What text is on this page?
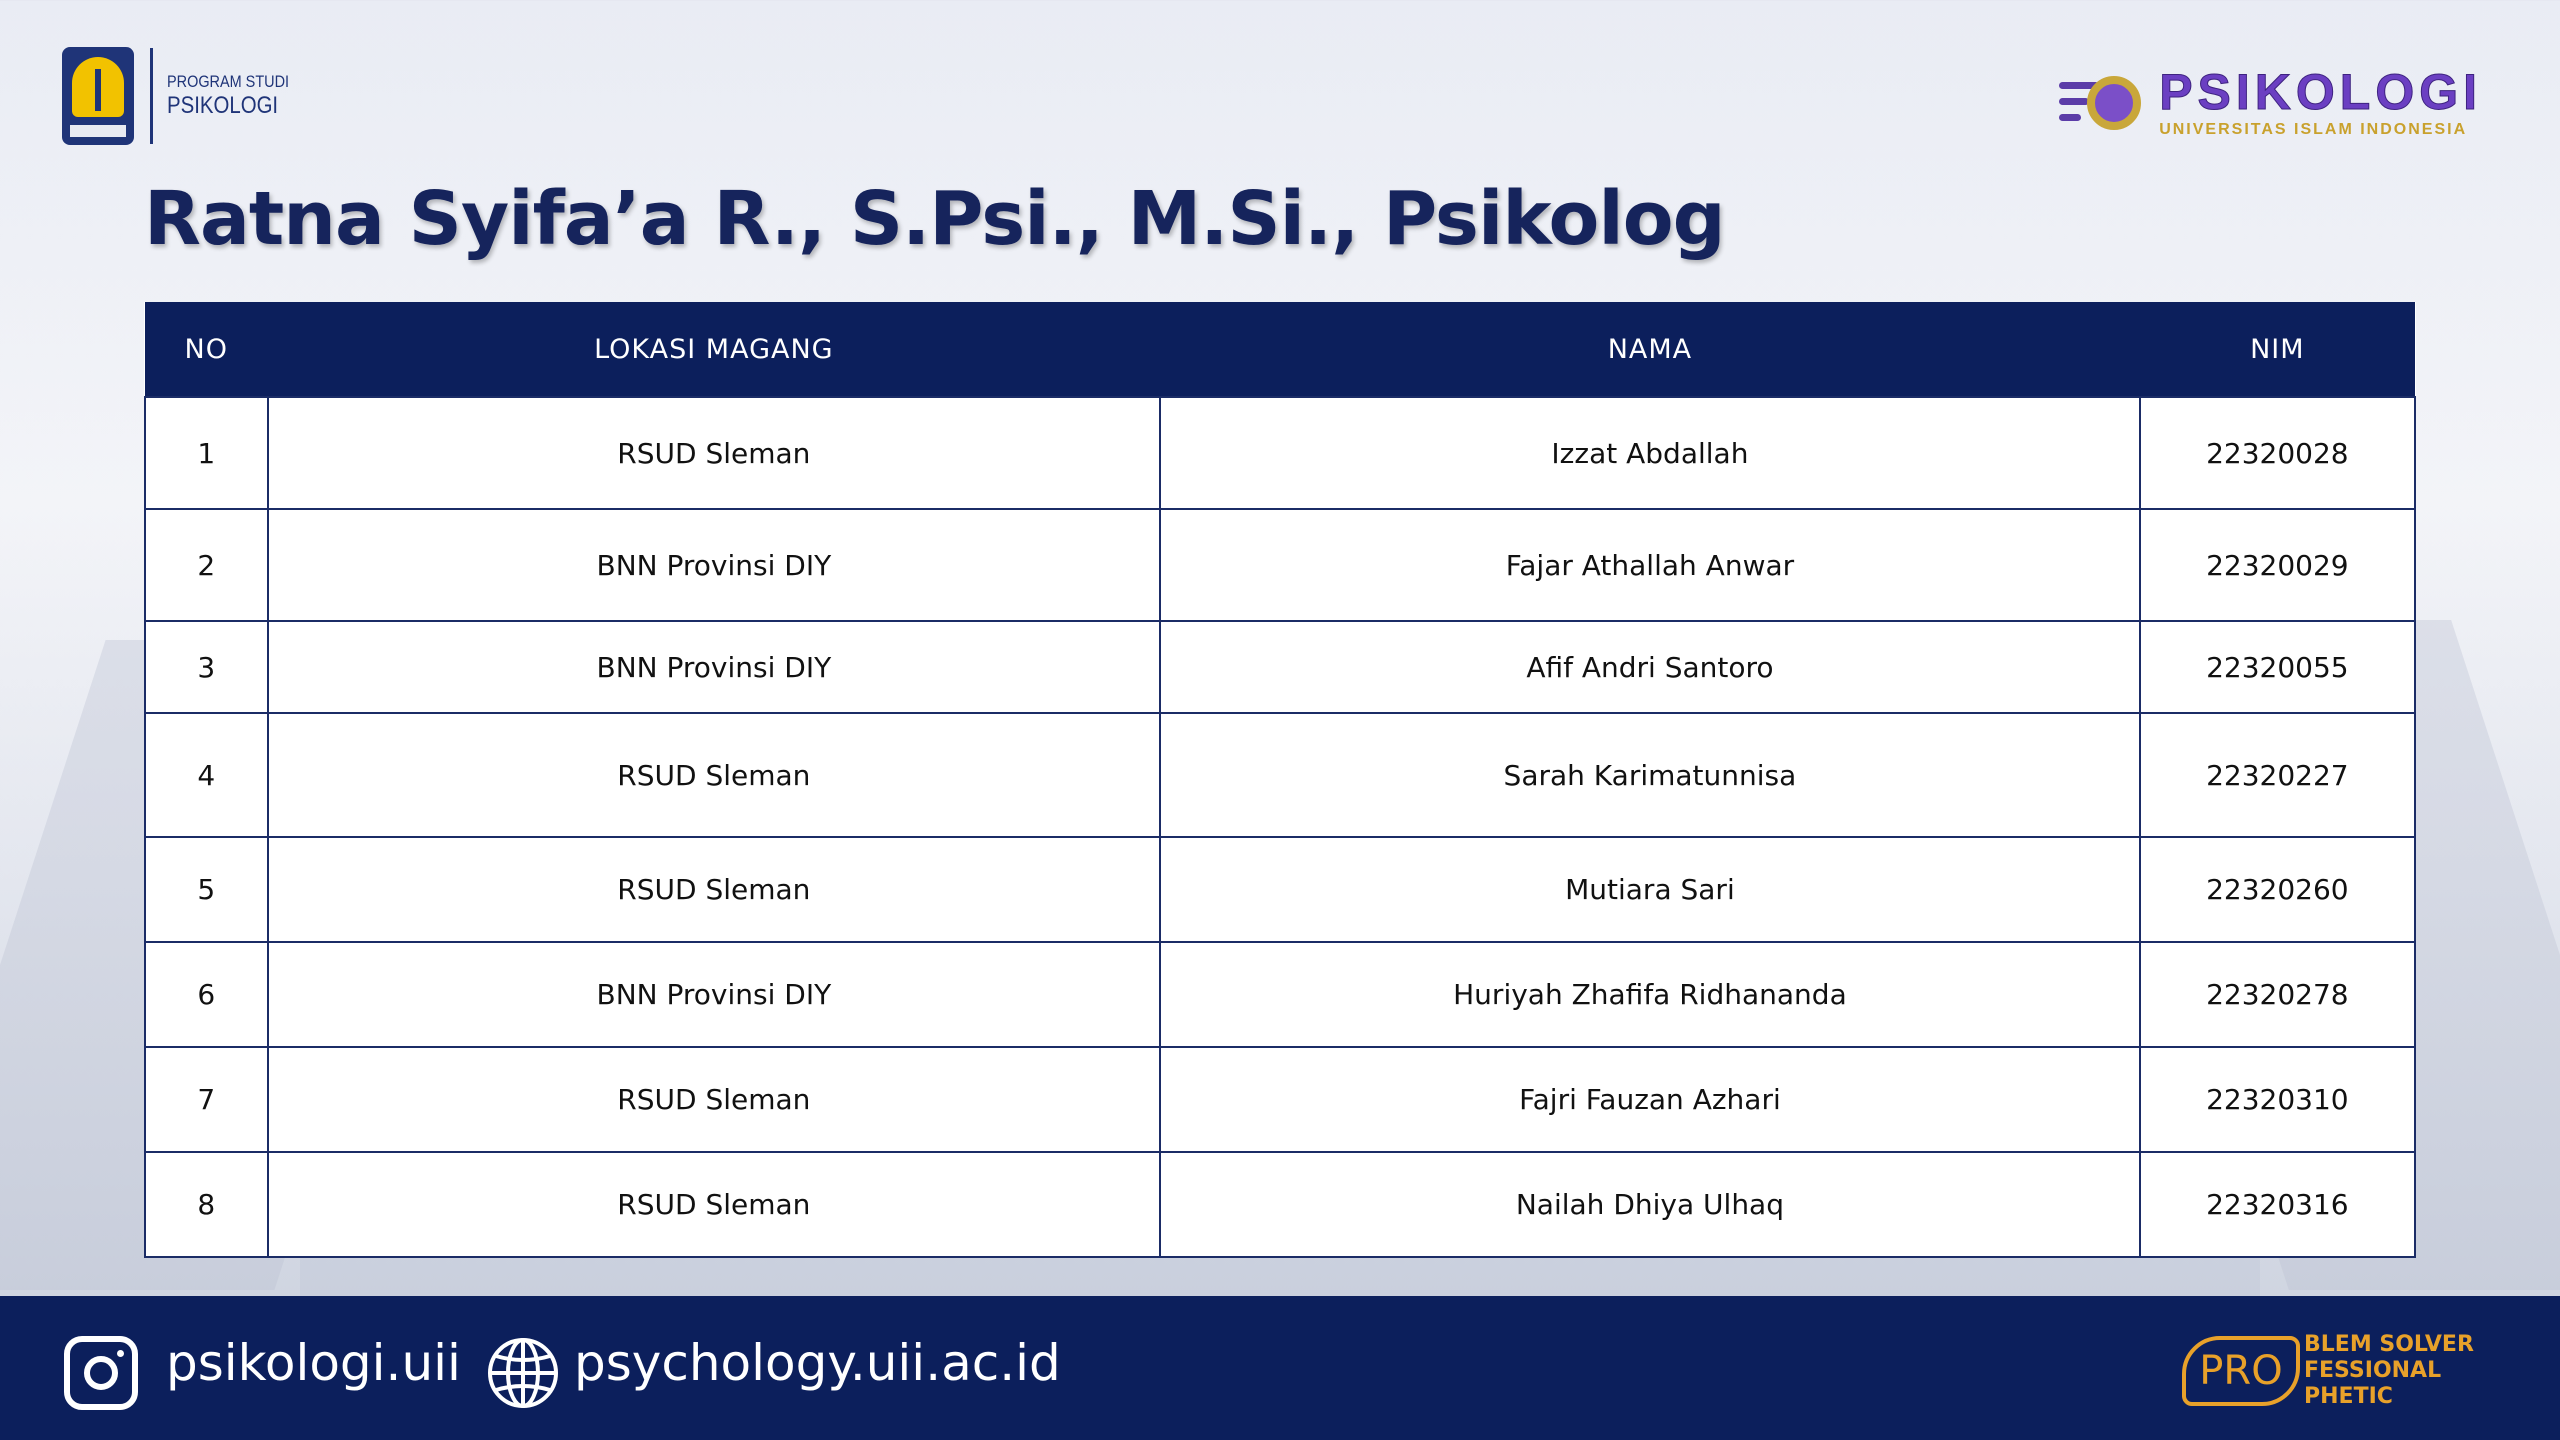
PROGRAM STUDI
PSIKOLOGI	PSIKOLOGI
UNIVERSITAS ISLAM INDONESIA
Ratna Syifa’a R., S.Psi., M.Si., Psikolog
NO	LOKASI MAGANG	NAMA	NIM
1	RSUD Sleman	Izzat Abdallah	22320028
2	BNN Provinsi DIY	Fajar Athallah Anwar	22320029
3	BNN Provinsi DIY	Afif Andri Santoro	22320055
4	RSUD Sleman	Sarah Karimatunnisa	22320227
5	RSUD Sleman	Mutiara Sari	22320260
6	BNN Provinsi DIY	Huriyah Zhafifa Ridhananda	22320278
7	RSUD Sleman	Fajri Fauzan Azhari	22320310
8	RSUD Sleman	Nailah Dhiya Ulhaq	22320316
psikologi.uii psychology.uii.ac.id	PRO
BLEM SOLVER
FESSIONAL
PHETIC
